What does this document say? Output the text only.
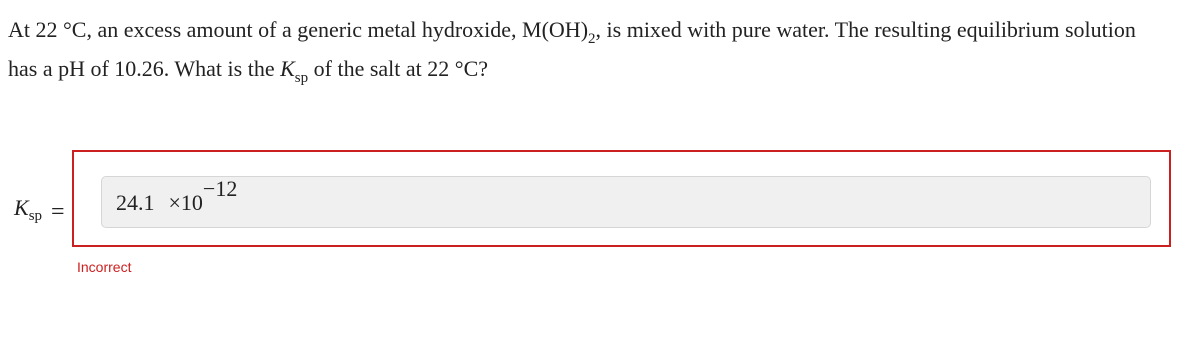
At 22 °C, an excess amount of a generic metal hydroxide, $M(OH)_2$, is mixed with pure water. The resulting equilibrium solution
has a pH of 10.26. What is the $K_{sp}$ of the salt at 22 °C?
$K_{sp} = 24.1 \times 10-12$
Incorrect
